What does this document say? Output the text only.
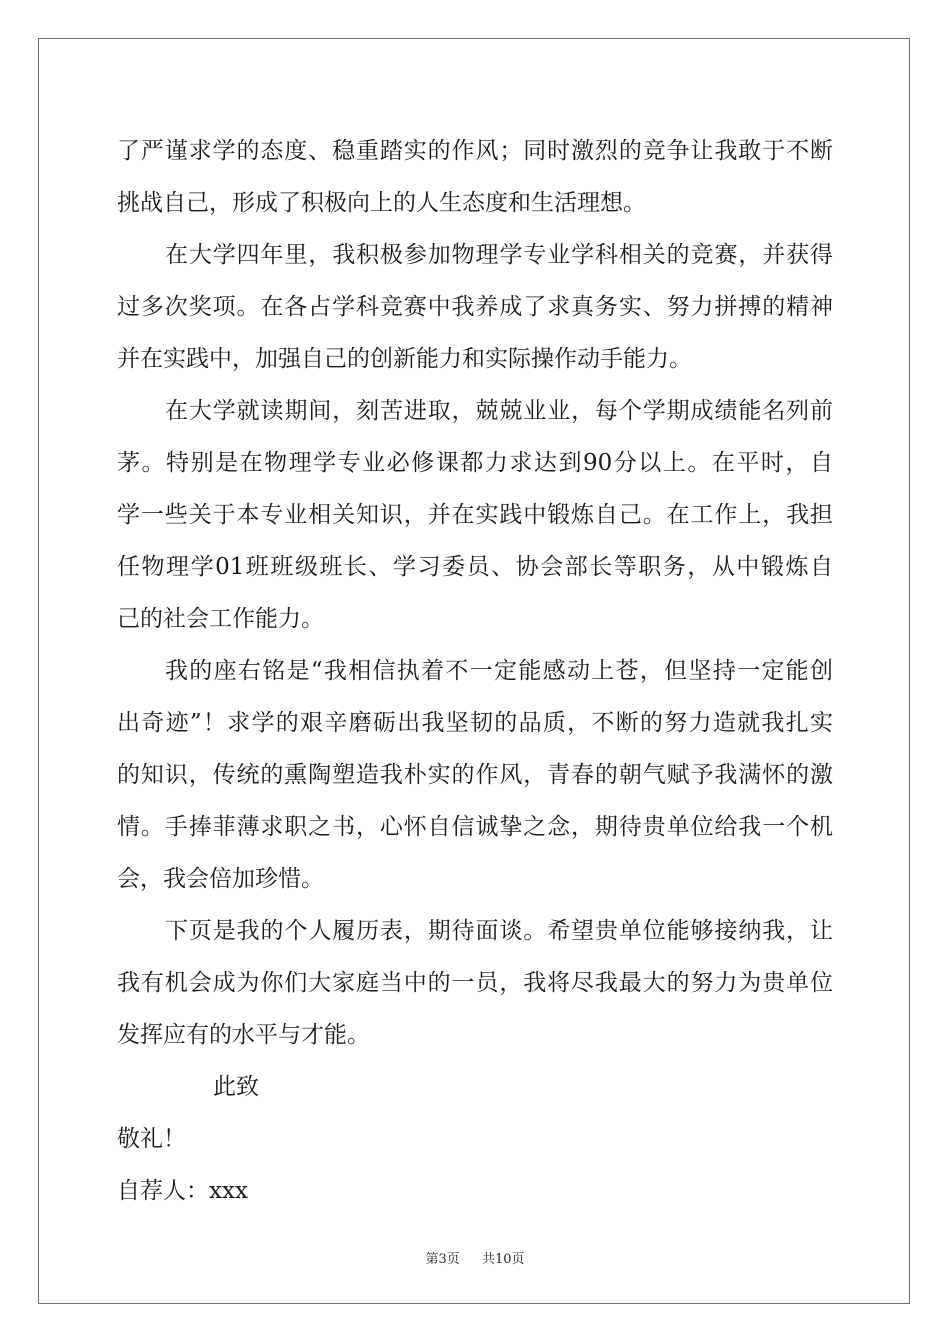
了严谨求学的态度、稳重踏实的作风；同时激烈的竞争让我敢于不断
挑战自己，形成了积极向上的人生态度和生活理想。
在大学四年里，我积极参加物理学专业学科相关的竞赛，并获得
过多次奖项。在各占学科竞赛中我养成了求真务实、努力拼搏的精神
并在实践中，加强自己的创新能力和实际操作动手能力。
在大学就读期间，刻苦进取，兢兢业业，每个学期成绩能名列前
茅。特别是在物理学专业必修课都力求达到90分以上。在平时，自
学一些关于本专业相关知识，并在实践中锻炼自己。在工作上，我担
任物理学01班班级班长、学习委员、协会部长等职务，从中锻炼自
己的社会工作能力。
我的座右铭是“我相信执着不一定能感动上苍，但坚持一定能创
出奇迹”！求学的艰辛磨砺出我坚韧的品质，不断的努力造就我扎实
的知识，传统的熏陶塑造我朴实的作风，青春的朝气赋予我满怀的激
情。手捧菲薄求职之书，心怀自信诚挚之念，期待贵单位给我一个机
会，我会倍加珍惜。
下页是我的个人履历表，期待面谈。希望贵单位能够接纳我，让
我有机会成为你们大家庭当中的一员，我将尽我最大的努力为贵单位
发挥应有的水平与才能。
此致
敬礼！
自荐人：xxx
第3页 共10页
